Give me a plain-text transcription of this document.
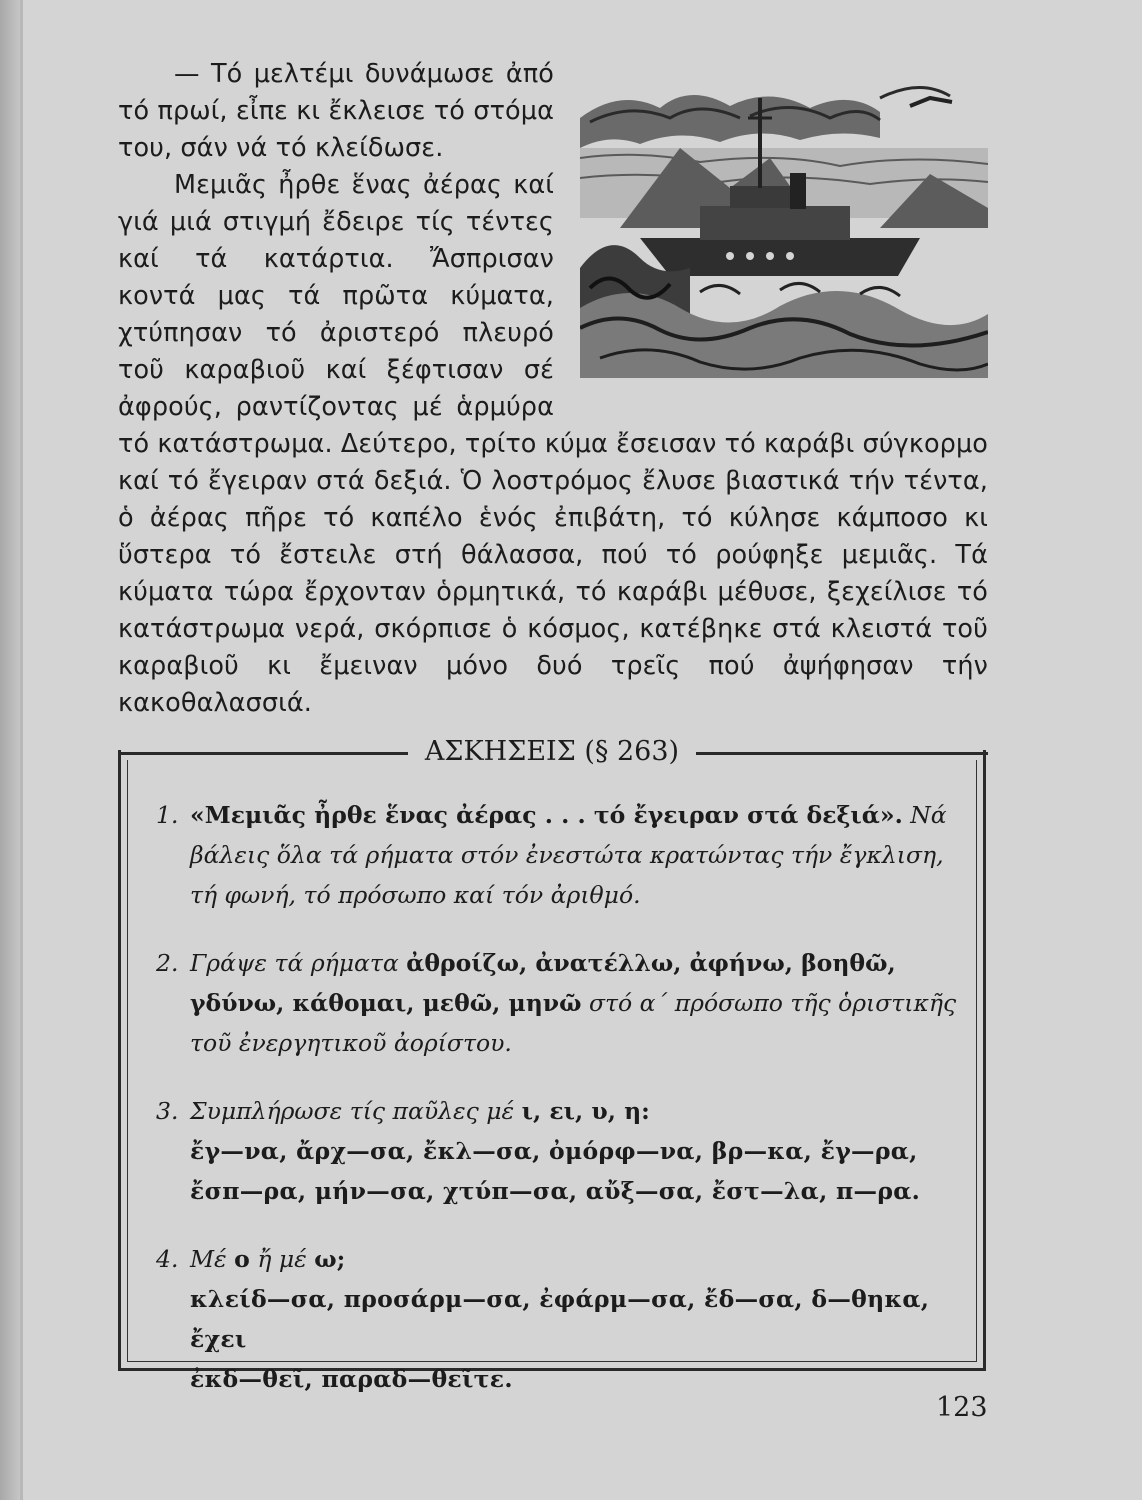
— Τό μελτέμι δυνάμωσε ἀπό τό πρωί, εἶπε κι ἔκλεισε τό στόμα του, σάν νά τό κλείδωσε.

Μεμιᾶς ἦρθε ἕνας ἀέρας καί γιά μιά στιγμή ἔδειρε τίς τέντες καί τά κατάρτια. Ἄσπρισαν κοντά μας τά πρῶτα κύματα, χτύπησαν τό ἀριστερό πλευρό τοῦ καραβιοῦ καί ξέφτισαν σέ ἀφρούς, ραντίζοντας μέ ἁρμύρα τό κατάστρωμα. Δεύτερο, τρίτο κύμα ἔσεισαν τό καράβι σύγκορμο καί τό ἔγειραν στά δεξιά. Ὁ λοστρόμος ἔλυσε βιαστικά τήν τέντα, ὁ ἀέρας πῆρε τό καπέλο ἑνός ἐπιβάτη, τό κύλησε κάμποσο κι ὕστερα τό ἔστειλε στή θάλασσα, πού τό ρούφηξε μεμιᾶς. Τά κύματα τώρα ἔρχονταν ὁρμητικά, τό καράβι μέθυσε, ξεχείλισε τό κατάστρωμα νερά, σκόρπισε ὁ κόσμος, κατέβηκε στά κλειστά τοῦ καραβιοῦ κι ἔμειναν μόνο δυό τρεῖς πού ἀψήφησαν τήν κακοθαλασσιά.

ΑΣΚΗΣΕΙΣ (§ 263)
1. «Μεμιᾶς ἦρθε ἕνας ἀέρας . . . τό ἔγειραν στά δεξιά». Νά βάλεις ὅλα τά ρήματα στόν ἐνεστώτα κρατώντας τήν ἔγκλιση, τή φωνή, τό πρόσωπο καί τόν ἀριθμό.
2. Γράψε τά ρήματα ἀθροίζω, ἀνατέλλω, ἀφήνω, βοηθῶ, γδύνω, κάθομαι, μεθῶ, μηνῶ στό α΄ πρόσωπο τῆς ὁριστικῆς τοῦ ἐνεργητικοῦ ἀορίστου.
3. Συμπλήρωσε τίς παῦλες μέ ι, ει, υ, η:
ἔγ—να, ἄρχ—σα, ἔκλ—σα, ὀμόρφ—να, βρ—κα, ἔγ—ρα,
ἔσπ—ρα, μήν—σα, χτύπ—σα, αὔξ—σα, ἔστ—λα, π—ρα.
4. Μέ ο ἤ μέ ω;
κλείδ—σα, προσάρμ—σα, ἐφάρμ—σα, ἔδ—σα, δ—θηκα, ἔχει
ἐκδ—θεῖ, παραδ—θεῖτε.
123
